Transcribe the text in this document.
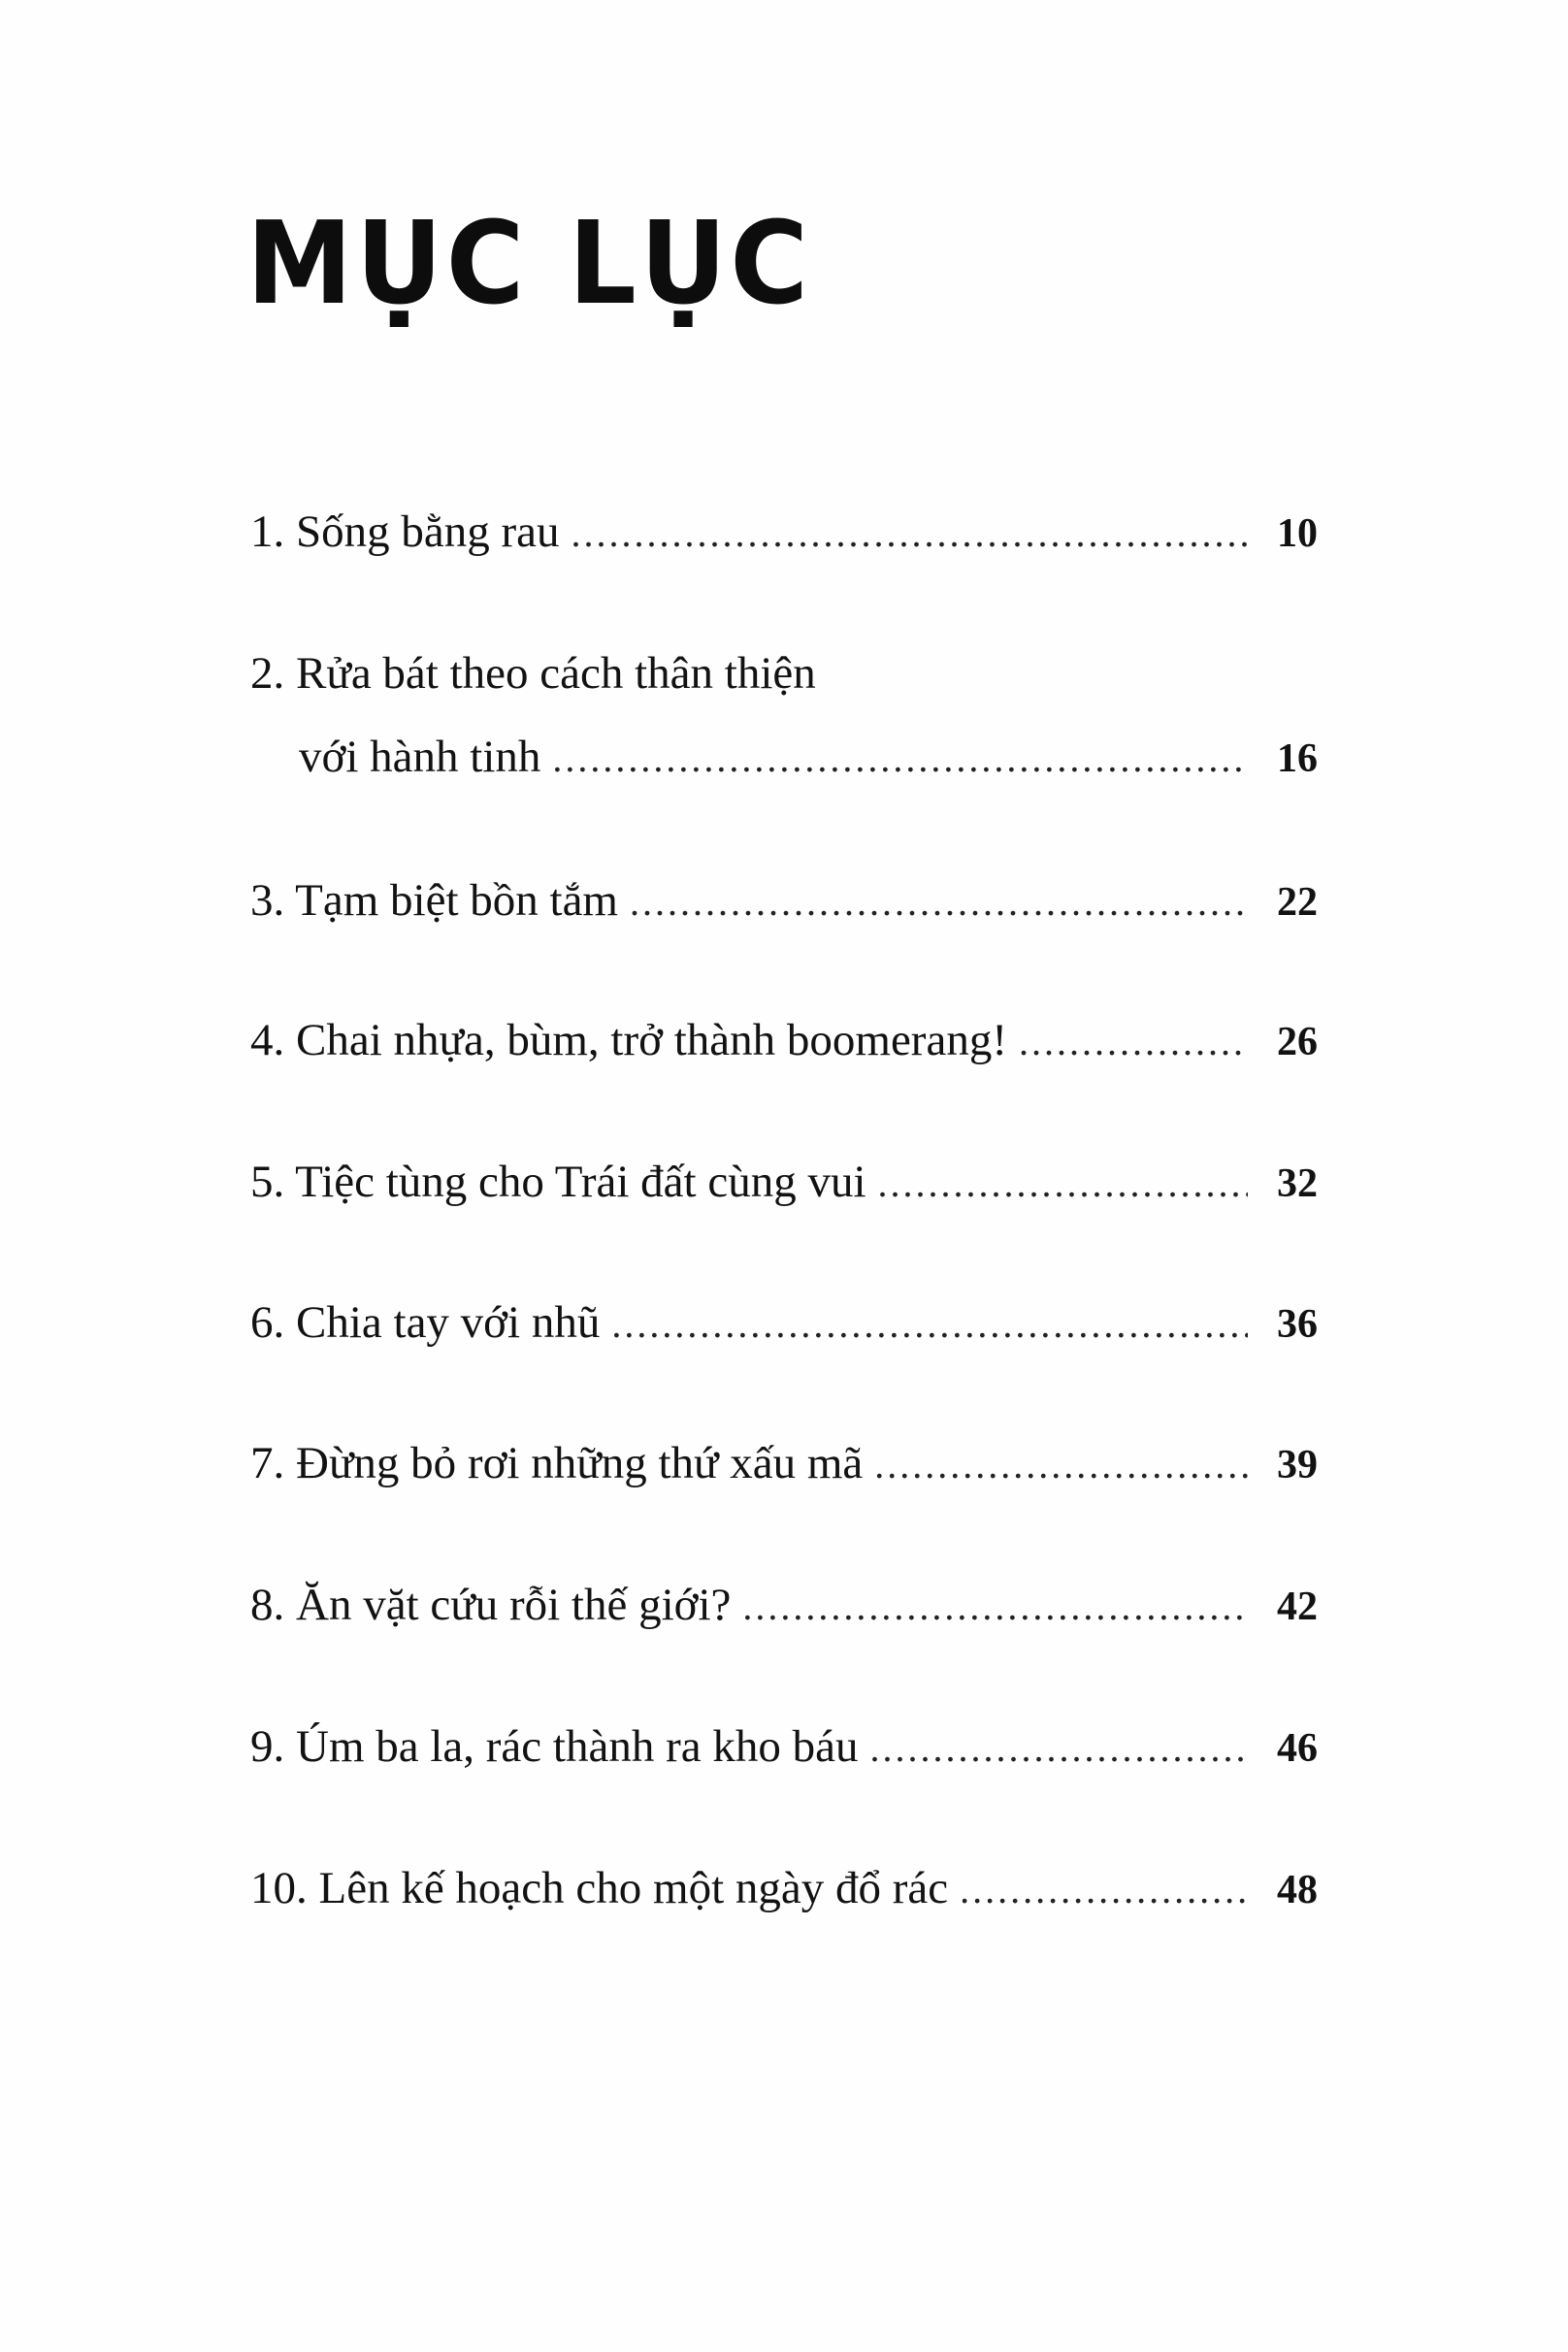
MỤC LỤC
1. Sống bằng rau .....	10
2. Rửa bát theo cách thân thiện
với hành tinh .....	16
3. Tạm biệt bồn tắm .....	22
4. Chai nhựa, bùm, trở thành boomerang! .....	26
5. Tiệc tùng cho Trái đất cùng vui .....	32
6. Chia tay với nhũ .....	36
7. Đừng bỏ rơi những thứ xấu mã .....	39
8. Ăn vặt cứu rỗi thế giới? .....	42
9. Úm ba la, rác thành ra kho báu .....	46
10. Lên kế hoạch cho một ngày đổ rác .....	48
